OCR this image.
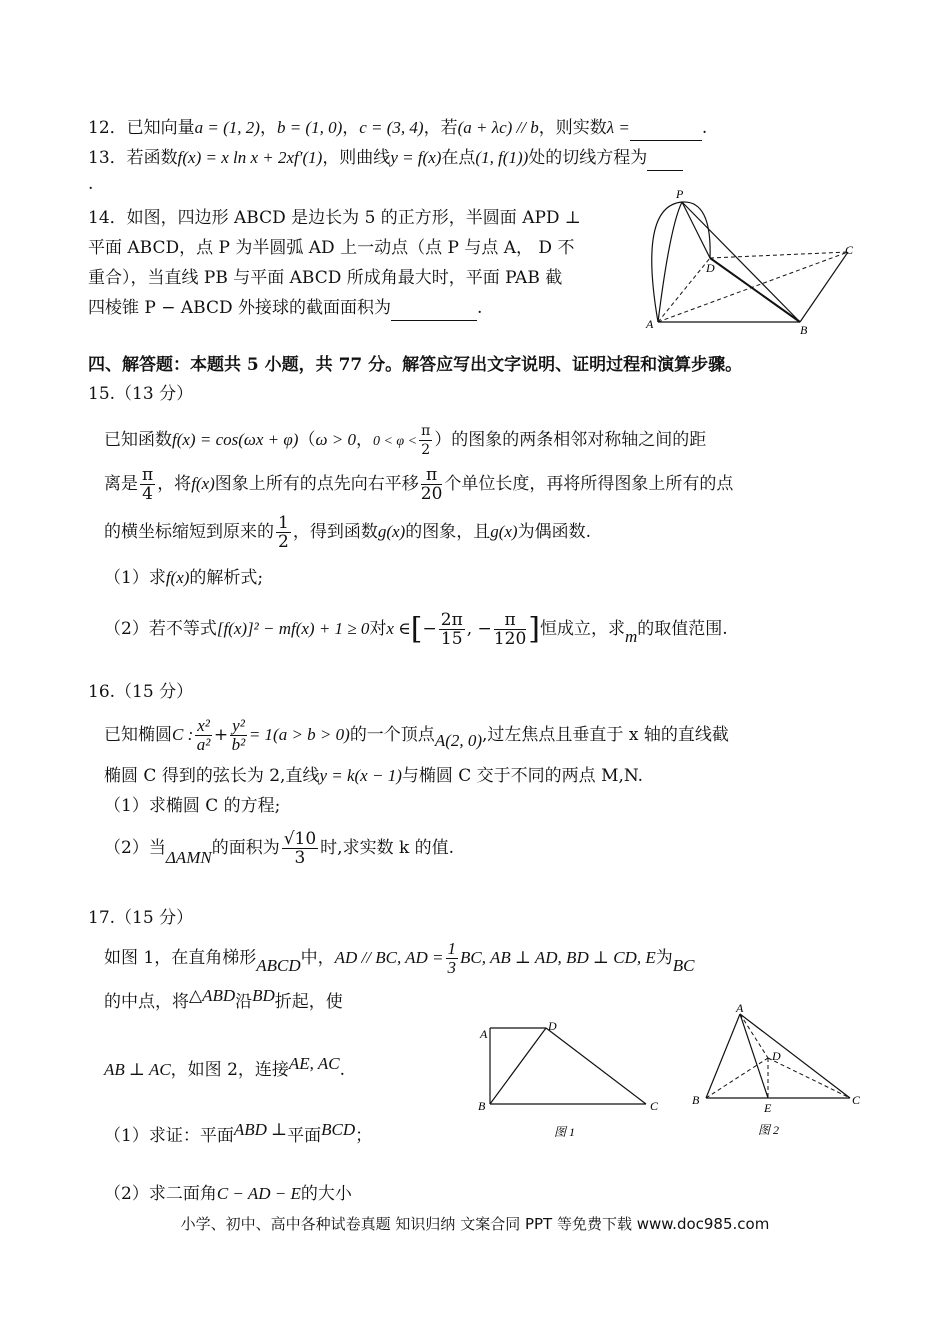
12．已知向量a = (1, 2)，b = (1, 0)，c = (3, 4)，若(a + λc) // b，则实数λ =	.
13．若函数f(x) = x ln x + 2xf′(1)，则曲线y = f(x)在点(1, f(1))处的切线方程为
.
14．如图，四边形 ABCD 是边长为 5 的正方形，半圆面 APD ⊥
平面 ABCD，点 P 为半圆弧 AD 上一动点（点 P 与点 A， D 不
重合），当直线 PB 与平面 ABCD 所成角最大时，平面 PAB 截
四棱锥 P − ABCD 外接球的截面面积为	.
P
A	B
C
D
四、解答题：本题共 5 小题，共 77 分。解答应写出文字说明、证明过程和演算步骤。
15.（13 分）
已知函数f(x) = cos(ωx + φ)（ω > 0，$0 < \varphi < \frac{\pi}{2}$ ）的图象的两条相邻对称轴之间的距
离是 $\frac{\pi}{4}$ ，将f(x)图象上所有的点先向右平移 $\frac{\pi}{20}$ 个单位长度，再将所得图象上所有的点
的横坐标缩短到原来的 $\frac{1}{2}$ ，得到函数g(x)的图象，且g(x)为偶函数.
（1）求f(x)的解析式;
（2）若不等式[f(x)]² − mf(x) + 1 ≥ 0对x ∈[− $\frac{2\pi}{15}$ , − $\frac{\pi}{120}$ ]恒成立，求m的取值范围.
16.（15 分）
已知椭圆C : $\frac{\text{x²}}{\text{a²}} + \frac{\text{y²}}{\text{b²}} = 1(a > b > 0)$的一个顶点A(2, 0),过左焦点且垂直于 x 轴的直线截
椭圆 C 得到的弦长为 2,直线y = k(x − 1)与椭圆 C 交于不同的两点 M,N.
（1）求椭圆 C 的方程;
（2）当ΔAMN的面积为 $\frac{√10}{3}$ 时,求实数 k 的值.
17.（15 分）
如图 1，在直角梯形ABCD中，AD // BC, AD = $\frac{1}{3}$ BC, AB ⊥ AD, BD ⊥ CD, E为BC
的中点，将△ABD沿BD折起，使
AB ⊥ AC，如图 2，连接AE, AC.
（1）求证：平面ABD ⊥平面BCD；
（2）求二面角C − AD − E的大小
A
D
B	C
图 1
A
D
B	C
E
图 2
小学、初中、高中各种试卷真题 知识归纳 文案合同 PPT 等免费下载 www.doc985.com
